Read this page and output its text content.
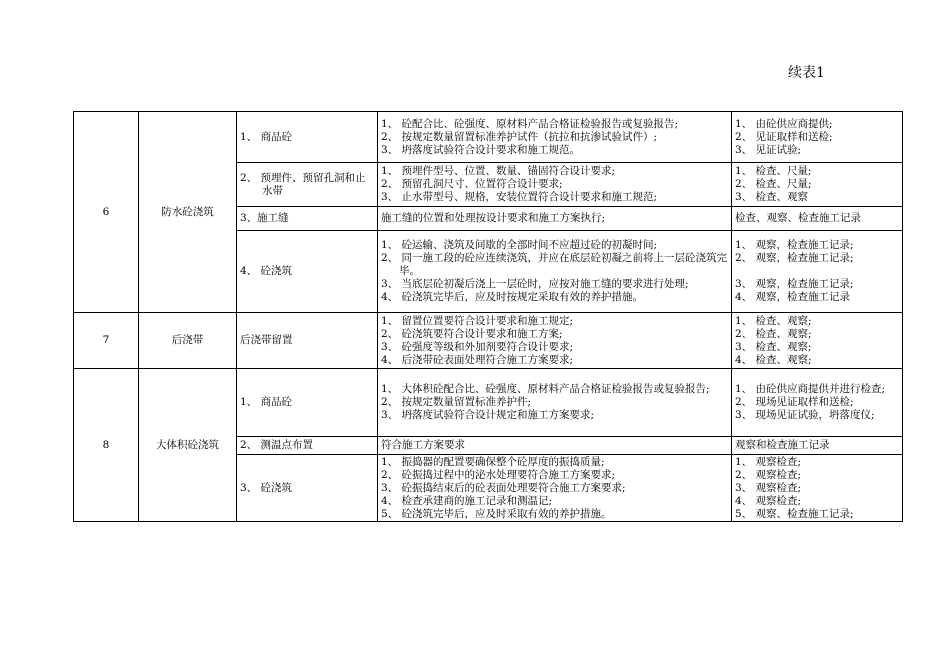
续表1
6	防水砼浇筑	1、 商品砼	1、 砼配合比、砼强度、原材料产品合格证检验报告或复验报告;
2、 按规定数量留置标准养护试件（抗拉和抗渗试验试件）;
3、 坍落度试验符合设计要求和施工规范。	1、 由砼供应商提供;
2、 见证取样和送检;
3、 见证试验;

		2、 预埋件、预留孔洞和止水带	1、 预埋件型号、位置、数量、锚固符合设计要求;
2、 预留孔洞尺寸、位置符合设计要求;
3、 止水带型号、规格，安装位置符合设计要求和施工规范;	1、 检查、尺量;
2、 检查、尺量;
3、 检查、观察

		3、施工缝	施工缝的位置和处理按设计要求和施工方案执行;	检查、观察、检查施工记录
		4、 砼浇筑	1、 砼运输、浇筑及间歇的全部时间不应超过砼的初凝时间;
2、 同一施工段的砼应连续浇筑，并应在底层砼初凝之前将上一层砼浇筑完毕。
3、 当底层砼初凝后浇上一层砼时，应按对施工缝的要求进行处理;
4、 砼浇筑完毕后，应及时按规定采取有效的养护措施。	1、 观察，检查施工记录;
2、 观察，检查施工记录;
3、 观察，检查施工记录;
4、 观察，检查施工记录

7	后浇带	后浇带留置	1、 留置位置要符合设计要求和施工规定;
2、 砼浇筑要符合设计要求和施工方案;
3、 砼强度等级和外加剂要符合设计要求;
4、 后浇带砼表面处理符合施工方案要求;	1、 检查、观察;
2、 检查、观察;
3、 检查、观察;
4、 检查、观察;

8	大体积砼浇筑	1、 商品砼	1、 大体积砼配合比、砼强度、原材料产品合格证检验报告或复验报告;
2、 按规定数量留置标准养护件;
3、 坍落度试验符合设计规定和施工方案要求;	1、 由砼供应商提供并进行检查;
2、 现场见证取样和送检;
3、 现场见证试验，坍落度仪;

		2、 测温点布置	符合施工方案要求	观察和检查施工记录
		3、 砼浇筑	1、 振捣器的配置要确保整个砼厚度的振捣质量;
2、 砼振捣过程中的泌水处理要符合施工方案要求;
3、 砼振捣结束后的砼表面处理要符合施工方案要求;
4、 检查承建商的施工记录和测温记;
5、 砼浇筑完毕后，应及时采取有效的养护措施。	1、 观察检查;
2、 观察检查;
3、 观察检查;
4、 观察检查;
5、 观察、检查施工记录;
